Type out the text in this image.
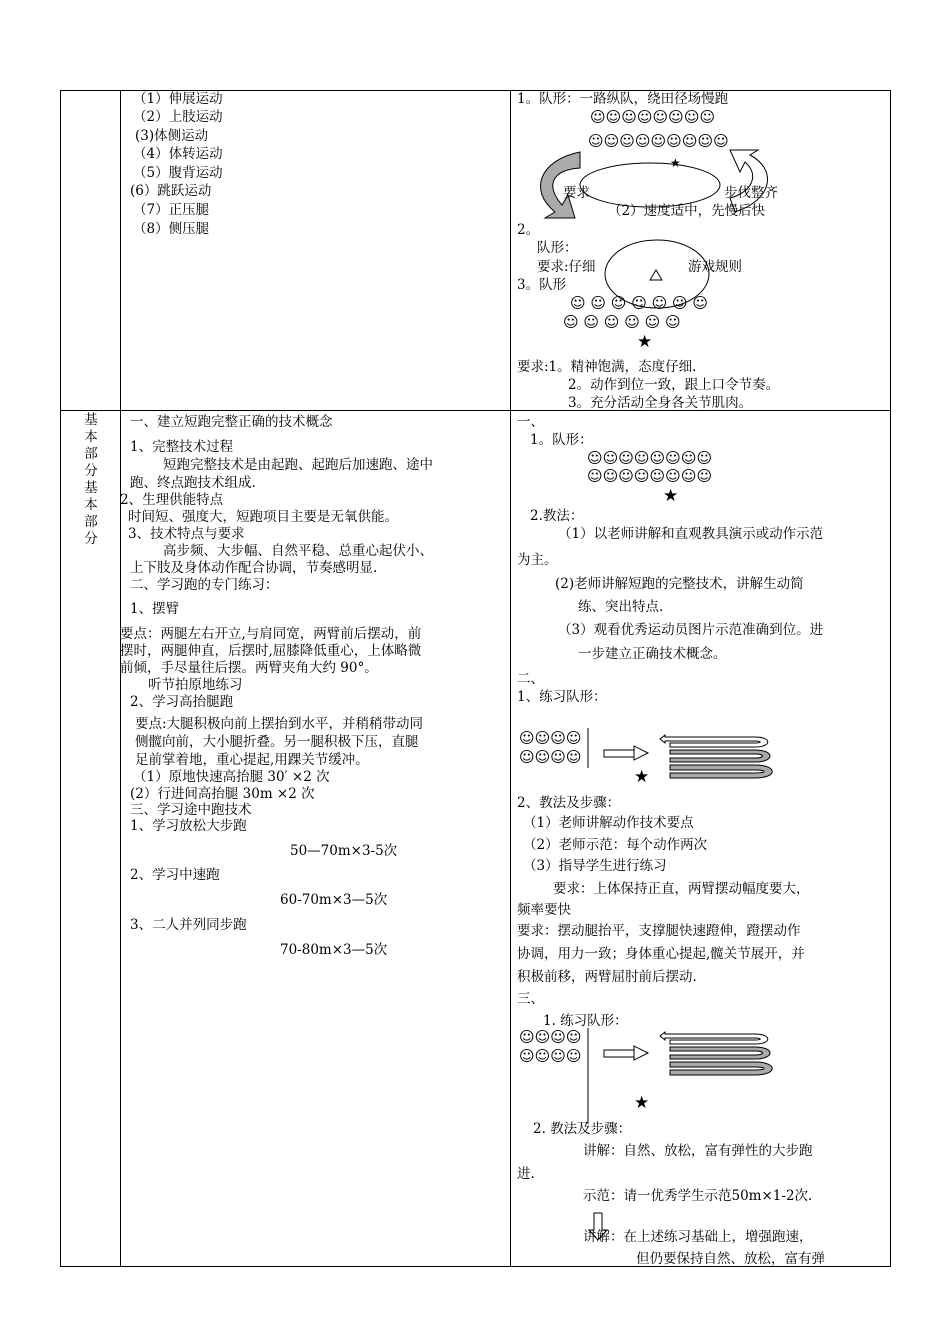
（1）伸展运动
（2）上肢运动
(3)体侧运动
（4）体转运动
（5）腹背运动
(6）跳跃运动
（7）正压腿
（8）侧压腿
1。队形：一路纵队，绕田径场慢跑
☺☺☺☺☺☺☺☺
☺☺☺☺☺☺☺☺☺
★
要求	步伐整齐
（2）速度适中，先慢后快
2。
队形：
要求:仔细	游戏规则
3。队形
☺ ☺ ☺ ☺ ☺ ☺ ☺
☺ ☺ ☺ ☺ ☺ ☺
★
要求:1。精神饱满，态度仔细.
2。动作到位一致，跟上口令节奏。
3。充分活动全身各关节肌肉。
基本部分基本部分
一、建立短跑完整正确的技术概念
1、完整技术过程
短跑完整技术是由起跑、起跑后加速跑、途中
跑、终点跑技术组成.
2、生理供能特点
时间短、强度大，短跑项目主要是无氧供能。
3、技术特点与要求
高步频、大步幅、自然平稳、总重心起伏小、
上下肢及身体动作配合协调，节奏感明显.
二、学习跑的专门练习：
1、摆臂
要点：两腿左右开立,与肩同宽，两臂前后摆动，前
摆时，两腿伸直，后摆时,屈膝降低重心，上体略微
前倾，手尽量往后摆。两臂夹角大约 90°。
听节拍原地练习
2、学习高抬腿跑
要点:大腿积极向前上摆抬到水平，并稍稍带动同
侧髋向前，大小腿折叠。另一腿积极下压，直腿
足前掌着地，重心提起,用踝关节缓冲。
（1）原地快速高抬腿 30′ ×2 次
(2）行进间高抬腿 30m ×2 次
三、学习途中跑技术
1、学习放松大步跑
50—70m×3-5次
2、学习中速跑
60-70m×3—5次
3、二人并列同步跑
70-80m×3—5次
一、
1。队形：
☺☺☺☺☺☺☺☺
☺☺☺☺☺☺☺☺
★
2.教法：
（1）以老师讲解和直观教具演示或动作示范
为主。
(2)老师讲解短跑的完整技术，讲解生动简
练、突出特点.
（3）观看优秀运动员图片示范准确到位。进
一步建立正确技术概念。
二、
1、练习队形：
☺☺☺☺
☺☺☺☺
★
2、教法及步骤：
（1）老师讲解动作技术要点
（2）老师示范：每个动作两次
（3）指导学生进行练习
要求：上体保持正直，两臂摆动幅度要大，
频率要快
要求：摆动腿抬平，支撑腿快速蹬伸，蹬摆动作
协调，用力一致；身体重心提起,髋关节展开，并
积极前移，两臂屈肘前后摆动.
三、
1. 练习队形：
☺☺☺☺
☺☺☺☺
★
2. 教法及步骤：
讲解：自然、放松，富有弹性的大步跑
进.
示范：请一优秀学生示范50m×1-2次.
讲解：在上述练习基础上，增强跑速，
但仍要保持自然、放松，富有弹
